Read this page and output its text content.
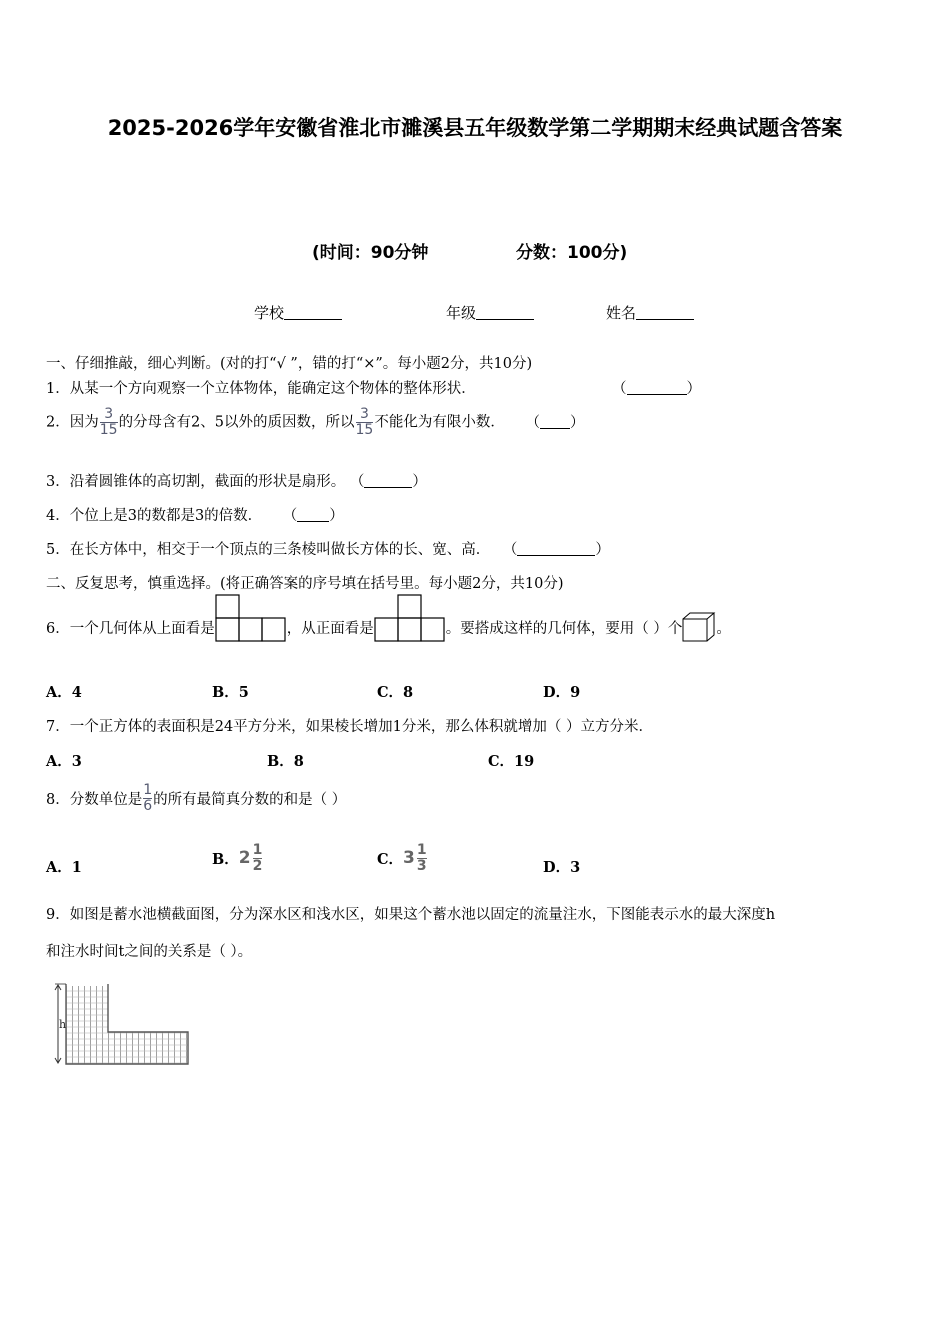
2025-2026学年安徽省淮北市濉溪县五年级数学第二学期期末经典试题含答案
(时间：90分钟	分数：100分)
学校	年级	姓名
一、仔细推敲，细心判断。(对的打“√ ”，错的打“×”。每小题2分，共10分)
1．从某一个方向观察一个立体物体，能确定这个物体的整体形状．	（	）
2．因为 $\frac{3}{15}$ 的分母含有2、5以外的质因数，所以 $\frac{3}{15}$ 不能化为有限小数． （ ）
3．沿着圆锥体的高切割，截面的形状是扇形。 （	）
4．个位上是3的数都是3的倍数． （ ）
5．在长方体中，相交于一个顶点的三条棱叫做长方体的长、宽、高． （	）
二、反复思考，慎重选择。(将正确答案的序号填在括号里。每小题2分，共10分)
6． 一个几何体从上面看是	，从正面看是	。要搭成这样的几何体，要用（ ）个 。
A．4	B．5	C．8	D．9
7．一个正方体的表面积是24平方分米，如果棱长增加1分米，那么体积就增加（ ）立方分米．
A．3	B．8	C．19
8． 分数单位是 $\frac{1}{6}$ 的所有最简真分数的和是（ ）
A．1	B． $2 \frac{1}{2}$	C． $3 \frac{1}{3}$	D．3
9．如图是蓄水池横截面图，分为深水区和浅水区，如果这个蓄水池以固定的流量注水，下图能表示水的最大深度h
和注水时间t之间的关系是（ ）。
h
